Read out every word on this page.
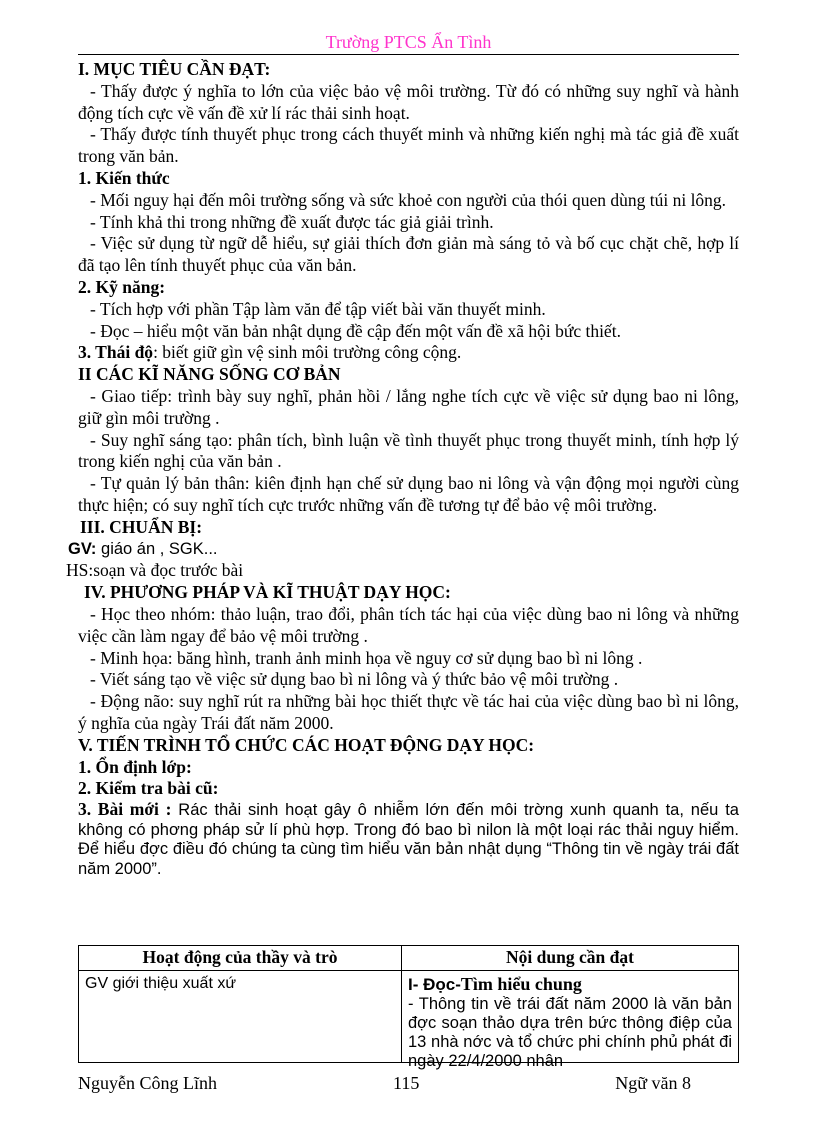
Trường PTCS Ẩn Tình

I. MỤC TIÊU CẦN ĐẠT:

- Thấy được ý nghĩa to lớn của việc bảo vệ môi trường. Từ đó có những suy nghĩ và hành động tích cực về vấn đề xử lí rác thải sinh hoạt.

- Thấy được tính thuyết phục trong cách thuyết minh và những kiến nghị mà tác giả đề xuất trong văn bản.

1. Kiến thức

- Mối nguy hại đến môi trường sống và sức khoẻ con người của thói quen dùng túi ni lông.

- Tính khả thi trong những đề xuất được tác giả giải trình.

- Việc sử dụng từ ngữ dễ hiểu, sự giải thích đơn giản mà sáng tỏ và bố cục chặt chẽ, hợp lí đã tạo lên tính thuyết phục của văn bản.

2. Kỹ năng:

- Tích hợp với phần Tập làm văn để tập viết bài văn thuyết minh.

- Đọc – hiểu một văn bản nhật dụng đề cập đến một vấn đề xã hội bức thiết.

3. Thái độ: biết giữ gìn vệ sinh môi trường công cộng.

II CÁC KĨ NĂNG SỐNG CƠ BẢN

- Giao tiếp: trình bày suy nghĩ, phản hồi / lắng nghe tích cực về việc sử dụng bao ni lông, giữ gìn môi trường .

- Suy nghĩ sáng tạo: phân tích, bình luận về tình thuyết phục trong thuyết minh, tính hợp lý trong kiến nghị của văn bản .

- Tự quản lý bản thân: kiên định hạn chế sử dụng bao ni lông và vận động mọi người cùng thực hiện; có suy nghĩ tích cực trước những vấn đề tương tự để bảo vệ môi trường.

III. CHUẨN BỊ:

GV: giáo án , SGK...

HS:soạn và đọc trước bài

IV. PHƯƠNG PHÁP VÀ KĨ THUẬT DẠY HỌC:

- Học theo nhóm: thảo luận, trao đổi, phân tích tác hại của việc dùng bao ni lông và những việc cần làm ngay để bảo vệ môi trường .

- Minh họa: băng hình, tranh ảnh minh họa về nguy cơ sử dụng bao bì ni lông .

- Viết sáng tạo về việc sử dụng bao bì ni lông và ý thức bảo vệ môi trường .

- Động não: suy nghĩ rút ra những bài học thiết thực về tác hai của việc dùng bao bì ni lông, ý nghĩa của ngày Trái đất năm 2000.

V. TIẾN TRÌNH TỔ CHỨC CÁC HOẠT ĐỘNG DẠY HỌC:

1. Ổn định lớp:

2. Kiểm tra bài cũ:

3. Bài mới : Rác thải sinh hoạt gây ô nhiễm lớn đến môi trờng xunh quanh ta, nếu ta không có phơng pháp sử lí phù hợp. Trong đó bao bì nilon là một loại rác thải nguy hiểm. Để hiểu đợc điều đó chúng ta cùng tìm hiểu văn bản nhật dụng “Thông tin về ngày trái đất năm 2000”.

Hoạt động của thầy và trò	Nội dung cần đạt
GV giới thiệu xuất xứ	I- Đọc-Tìm hiểu chung

- Thông tin về trái đất năm 2000 là văn bản đợc soạn thảo dựa trên bức thông điệp của 13 nhà nớc và tổ chức phi chính phủ phát đi ngày 22/4/2000 nhân

Nguyễn Công Lĩnh	115	Ngữ văn 8
